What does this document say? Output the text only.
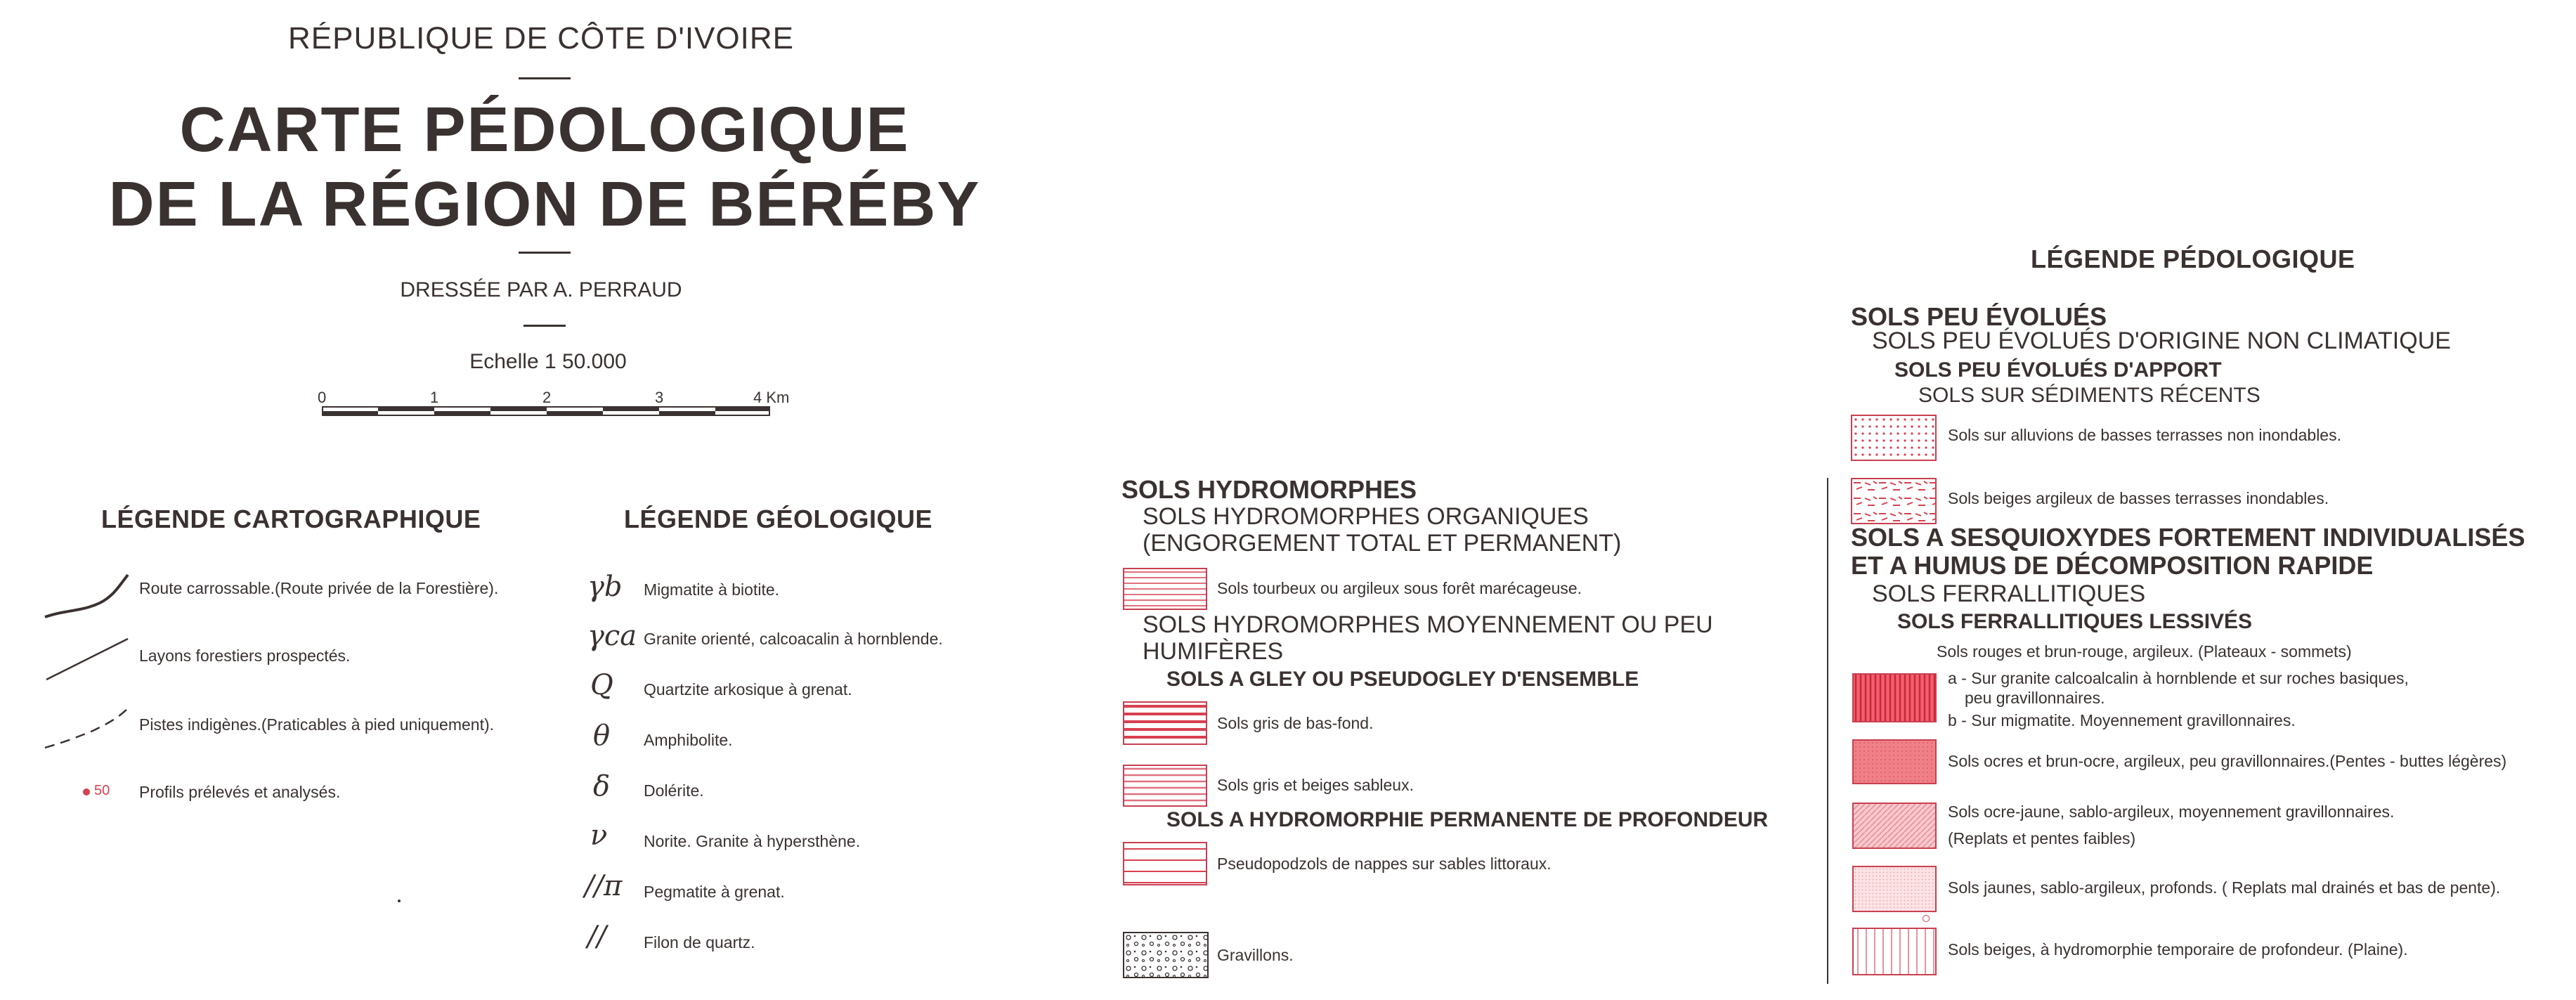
RÉPUBLIQUE DE CÔTE D'IVOIRE
CARTE PÉDOLOGIQUE
DE LA RÉGION DE BÉRÉBY
DRESSÉE PAR A. PERRAUD
Echelle 1 50.000
0	1	2	3	4 Km
LÉGENDE CARTOGRAPHIQUE
Route carrossable.(Route privée de la Forestière).
Layons forestiers prospectés.
Pistes indigènes.(Praticables à pied uniquement).
50 Profils prélevés et analysés.
LÉGENDE GÉOLOGIQUE
γb Migmatite à biotite.
γca Granite orienté, calcoacalin à hornblende.
Q Quartzite arkosique à grenat.
θ Amphibolite.
δ Dolérite.
ν Norite. Granite à hypersthène.
//π Pegmatite à grenat.
// Filon de quartz.
SOLS HYDROMORPHES
SOLS HYDROMORPHES ORGANIQUES
(ENGORGEMENT TOTAL ET PERMANENT)
Sols tourbeux ou argileux sous forêt marécageuse.
SOLS HYDROMORPHES MOYENNEMENT OU PEU
HUMIFÈRES
SOLS A GLEY OU PSEUDOGLEY D'ENSEMBLE
Sols gris de bas-fond.
Sols gris et beiges sableux.
SOLS A HYDROMORPHIE PERMANENTE DE PROFONDEUR
Pseudopodzols de nappes sur sables littoraux.
Gravillons.
LÉGENDE PÉDOLOGIQUE
SOLS PEU ÉVOLUÉS
SOLS PEU ÉVOLUÉS D'ORIGINE NON CLIMATIQUE
SOLS PEU ÉVOLUÉS D'APPORT
SOLS SUR SÉDIMENTS RÉCENTS
Sols sur alluvions de basses terrasses non inondables.
Sols beiges argileux de basses terrasses inondables.
SOLS A SESQUIOXYDES FORTEMENT INDIVIDUALISÉS
ET A HUMUS DE DÉCOMPOSITION RAPIDE
SOLS FERRALLITIQUES
SOLS FERRALLITIQUES LESSIVÉS
Sols rouges et brun-rouge, argileux. (Plateaux - sommets)
a - Sur granite calcoalcalin à hornblende et sur roches basiques,
peu gravillonnaires.
b - Sur migmatite. Moyennement gravillonnaires.
Sols ocres et brun-ocre, argileux, peu gravillonnaires.(Pentes - buttes légères)
Sols ocre-jaune, sablo-argileux, moyennement gravillonnaires.
(Replats et pentes faibles)
Sols jaunes, sablo-argileux, profonds. ( Replats mal drainés et bas de pente).
Sols beiges, à hydromorphie temporaire de profondeur. (Plaine).
